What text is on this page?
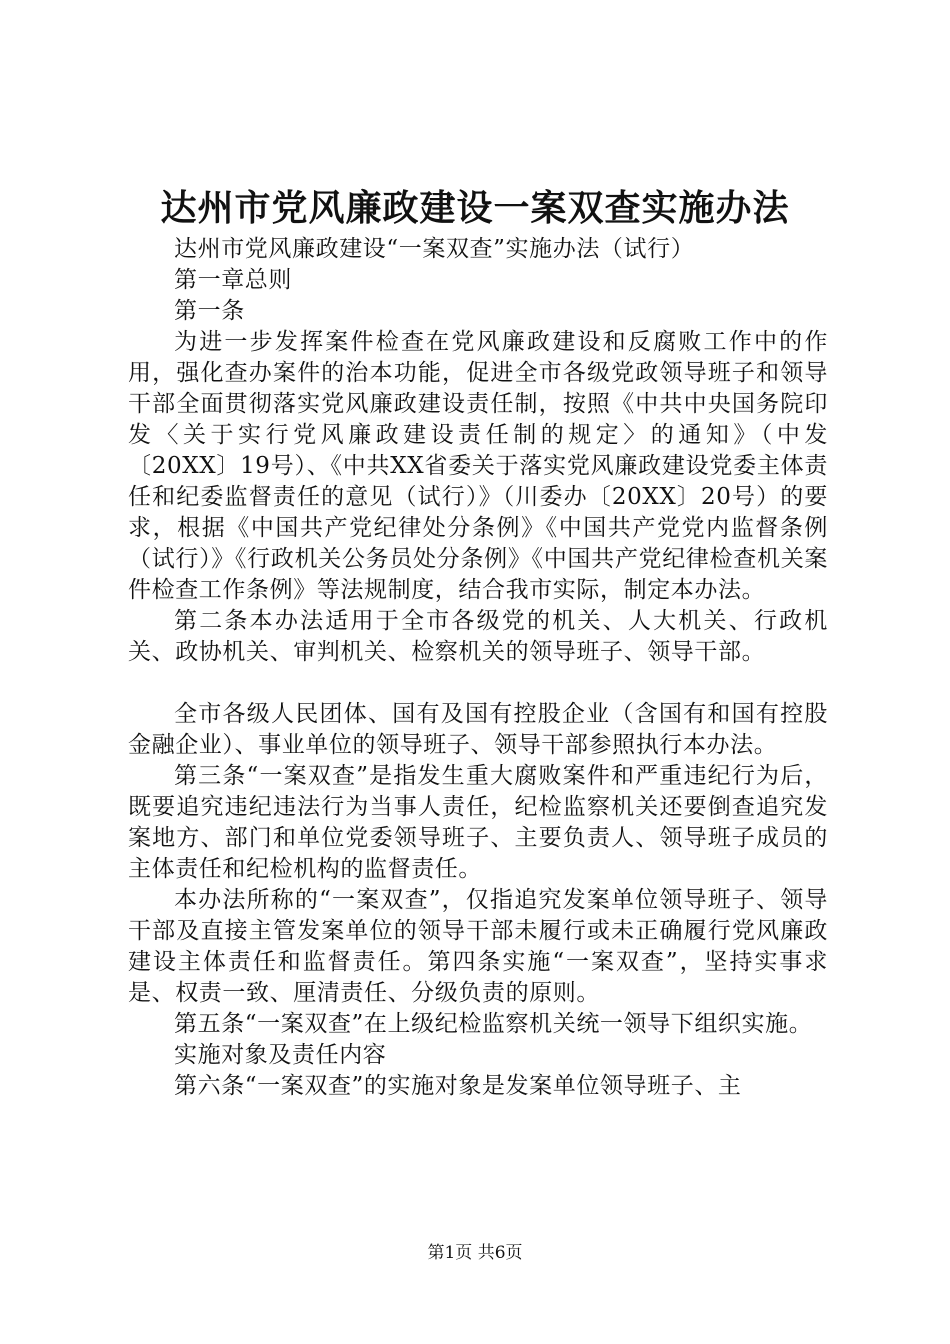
达州市党风廉政建设一案双查实施办法

达州市党风廉政建设“一案双查”实施办法（试行）

第一章总则

第一条

为进一步发挥案件检查在党风廉政建设和反腐败工作中的作用，强化查办案件的治本功能，促进全市各级党政领导班子和领导干部全面贯彻落实党风廉政建设责任制，按照《中共中央国务院印发〈关于实行党风廉政建设责任制的规定〉的通知》（中发〔20XX〕19号）、《中共XX省委关于落实党风廉政建设党委主体责任和纪委监督责任的意见（试行）》（川委办〔20XX〕20号）的要求，根据《中国共产党纪律处分条例》《中国共产党党内监督条例（试行）》《行政机关公务员处分条例》《中国共产党纪律检查机关案件检查工作条例》等法规制度，结合我市实际，制定本办法。

第二条本办法适用于全市各级党的机关、人大机关、行政机关、政协机关、审判机关、检察机关的领导班子、领导干部。

全市各级人民团体、国有及国有控股企业（含国有和国有控股金融企业）、事业单位的领导班子、领导干部参照执行本办法。

第三条“一案双查”是指发生重大腐败案件和严重违纪行为后，既要追究违纪违法行为当事人责任，纪检监察机关还要倒查追究发案地方、部门和单位党委领导班子、主要负责人、领导班子成员的主体责任和纪检机构的监督责任。

本办法所称的“一案双查”，仅指追究发案单位领导班子、领导干部及直接主管发案单位的领导干部未履行或未正确履行党风廉政建设主体责任和监督责任。第四条实施“一案双查”，坚持实事求是、权责一致、厘清责任、分级负责的原则。

第五条“一案双查”在上级纪检监察机关统一领导下组织实施。

实施对象及责任内容

第六条“一案双查”的实施对象是发案单位领导班子、主

第1页 共6页
